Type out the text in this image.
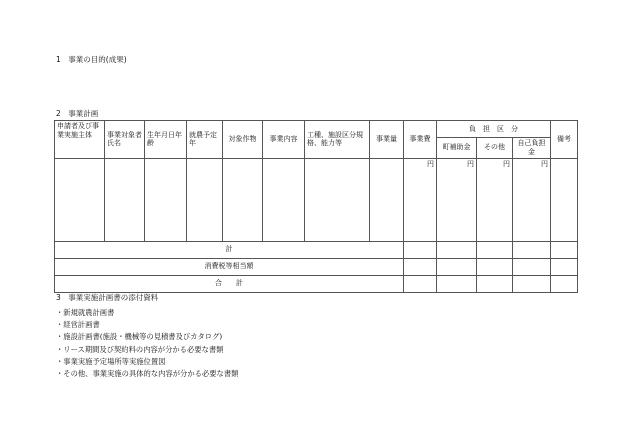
1　事業の目的(成果)
2　事業計画
申請者及び事業実施主体	事業対象者氏名	生年月日年齢	就農予定年	対象作物	事業内容	工種、施設区分規格、能力等	事業量	事業費	負　担　区　分			備考
									町補助金	その他	自己負担金	
								円	円	円	円	
計												
消費税等相当額												
合　　計												
3　事業実施計画書の添付資料
・新規就農計画書
・経営計画書
・施設計画書(施設・機械等の見積書及びカタログ)
・リース期間及び契約料の内容が分かる必要な書類
・事業実施予定場所等実施位置図
・その他、事業実施の具体的な内容が分かる必要な書類
